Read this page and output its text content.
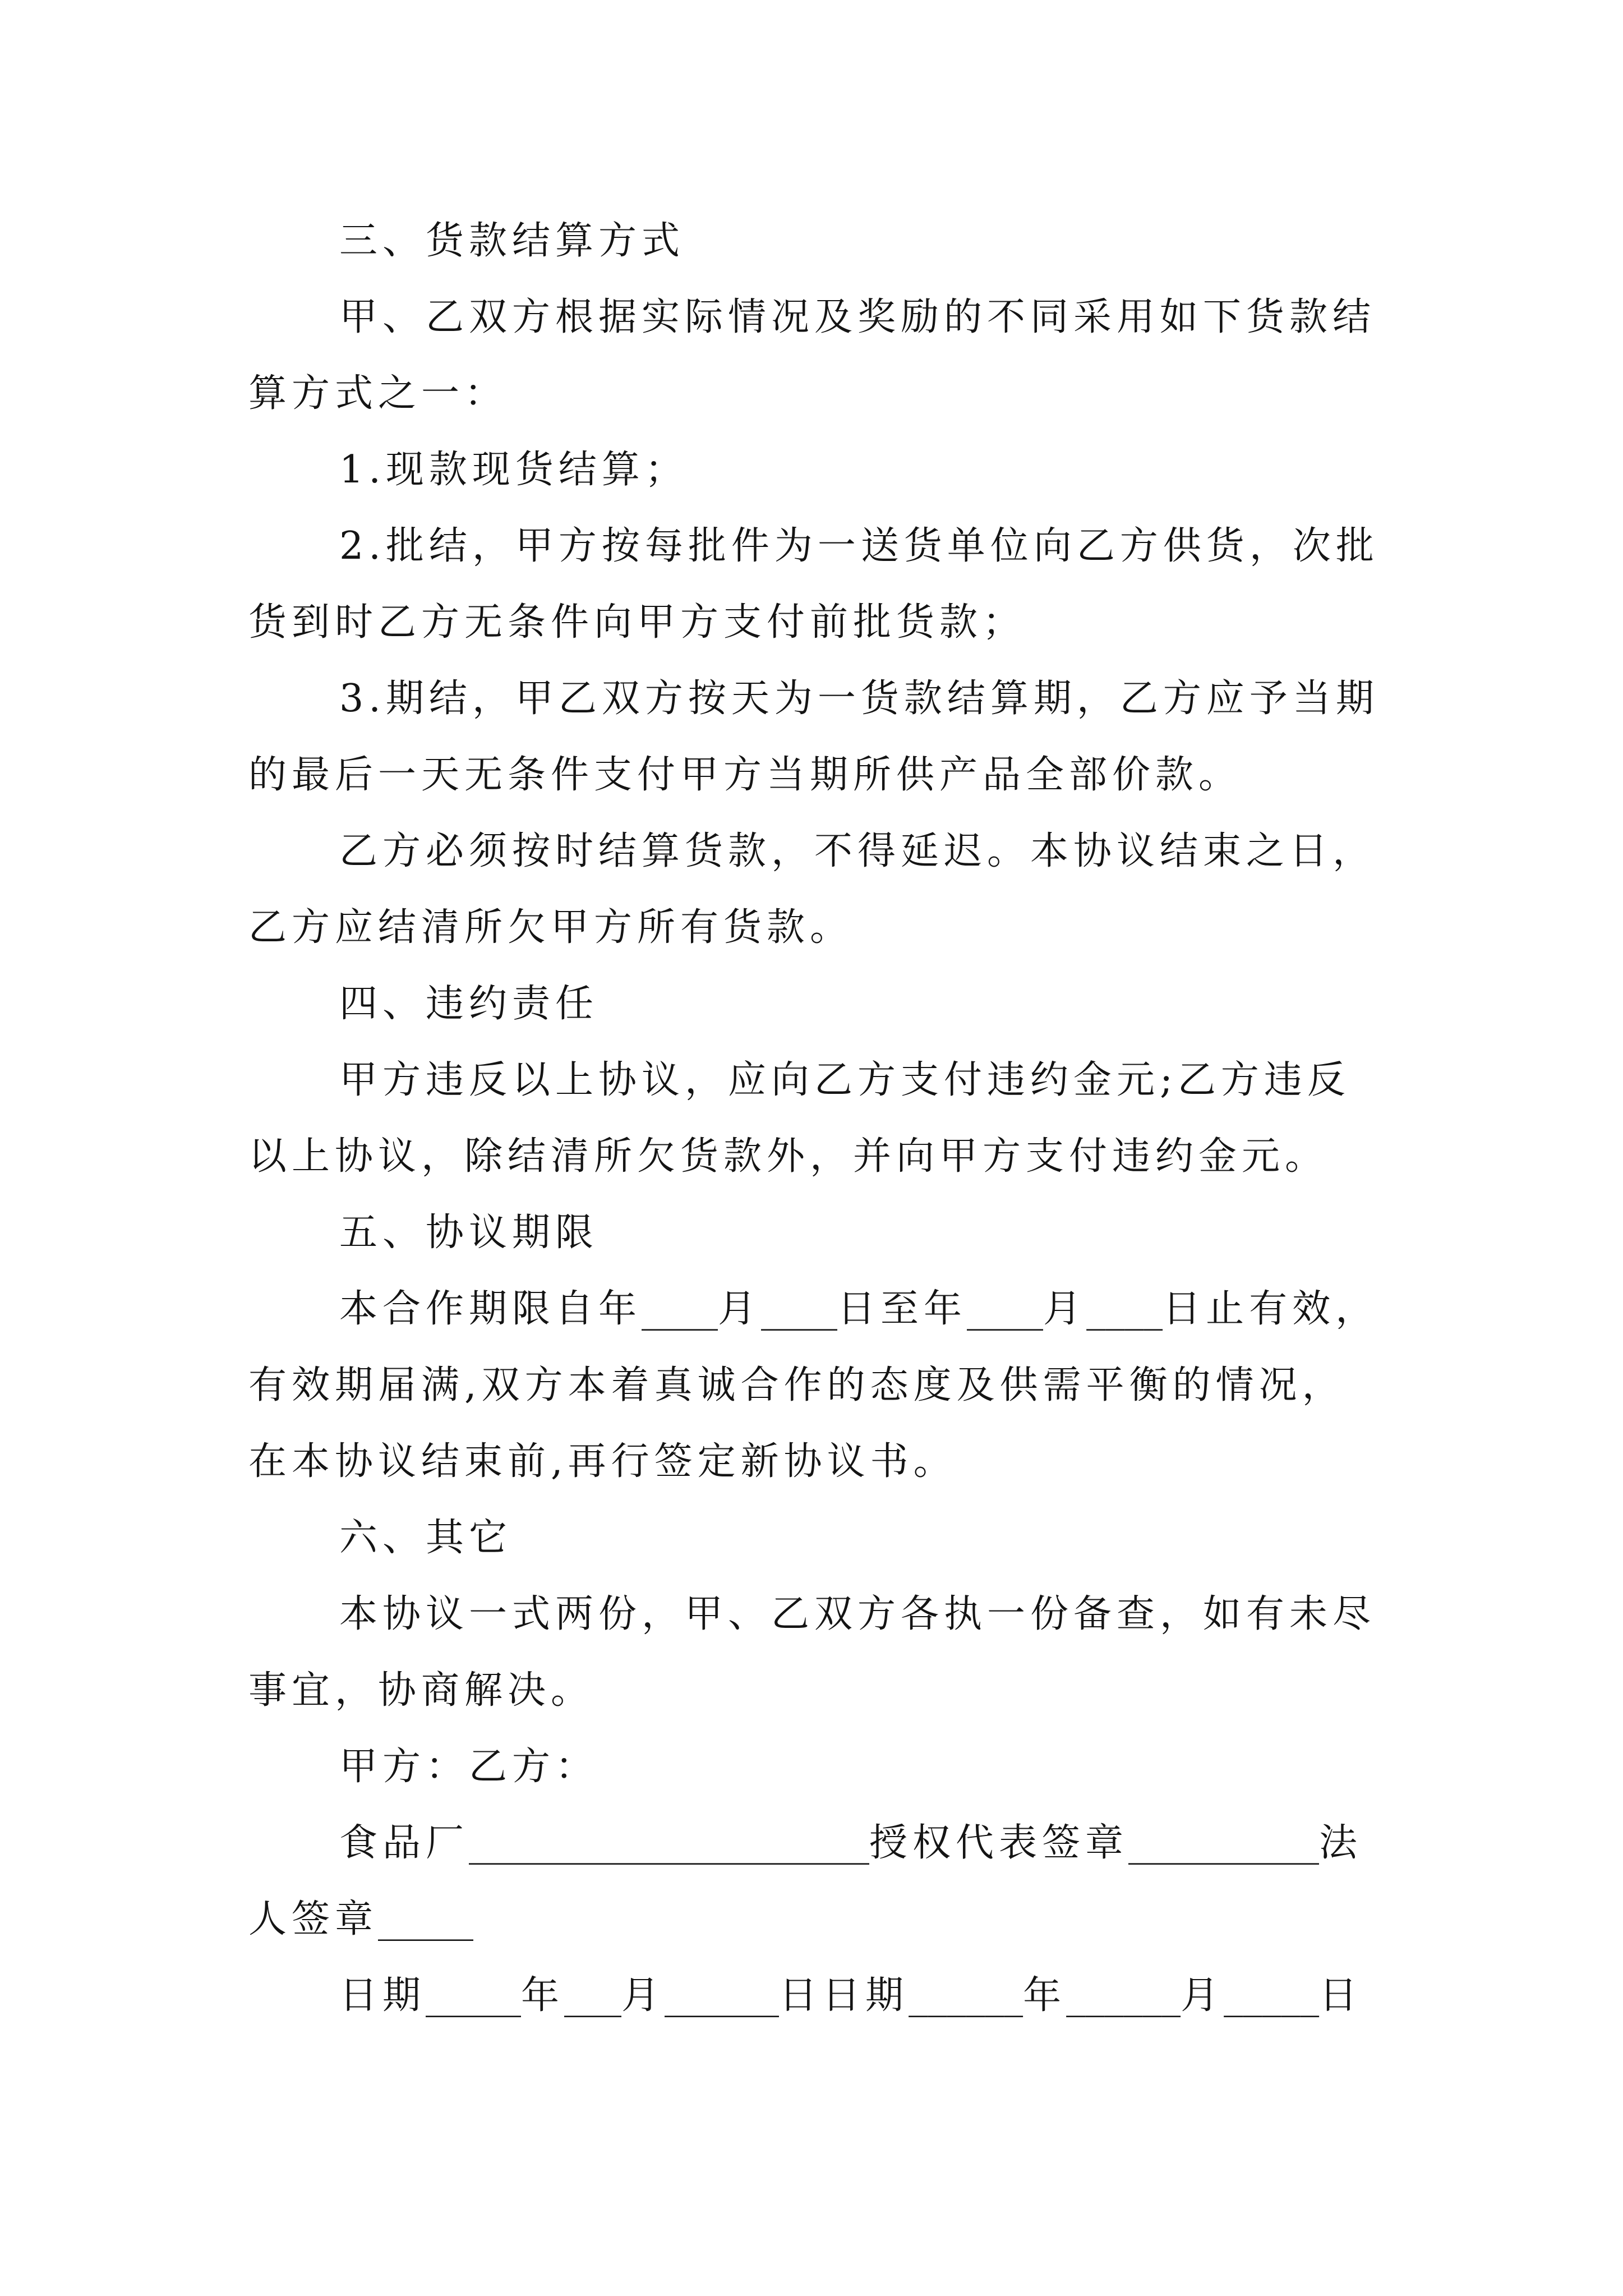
三、货款结算方式
甲、乙双方根据实际情况及奖励的不同采用如下货款结
算方式之一：
1.现款现货结算；
2.批结，甲方按每批件为一送货单位向乙方供货，次批
货到时乙方无条件向甲方支付前批货款；
3.期结，甲乙双方按天为一货款结算期，乙方应予当期
的最后一天无条件支付甲方当期所供产品全部价款。
乙方必须按时结算货款，不得延迟。本协议结束之日，
乙方应结清所欠甲方所有货款。
四、违约责任
甲方违反以上协议，应向乙方支付违约金元;乙方违反
以上协议，除结清所欠货款外，并向甲方支付违约金元。
五、协议期限
本合作期限自年____月____日至年____月____日止有效，
有效期届满,双方本着真诚合作的态度及供需平衡的情况，
在本协议结束前,再行签定新协议书。
六、其它
本协议一式两份，甲、乙双方各执一份备查，如有未尽
事宜，协商解决。
甲方：乙方：
食品厂_____________________授权代表签章__________法
人签章_____
日期_____年___月______日日期______年______月_____日
